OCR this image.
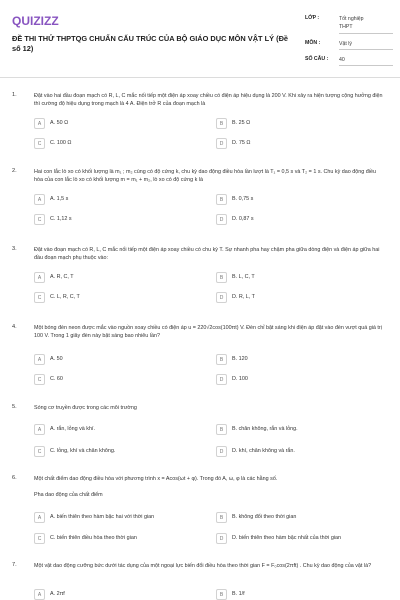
QUIZIZZ
ĐỀ THI THỬ THPTQG CHUẨN CẤU TRÚC CỦA BỘ GIÁO DỤC MÔN VẬT LÝ (Đề số 12)
LỚP :	Tốt nghiệp THPT
MÔN :	Vật lý
SỐ CÂU : 40
1.	Đặt vào hai đầu đoạn mạch có R, L, C mắc nối tiếp một điện áp xoay chiều có điện áp hiệu dụng là 200 V. Khi xảy ra hiện tượng cộng hưởng điện thì cường độ hiệu dụng trong mạch là 4 A. Điện trở R của đoạn mạch là
A	A. 50 Ω	B	B. 25 Ω
C	C. 100 Ω	D	D. 75 Ω
2.	Hai con lắc lò xo có khối lượng là m₁ ; m₂ cùng có độ cứng k, chu kỳ dao động điều hòa lần lượt là T₁ = 0,5 s và T₂ = 1 s. Chu kỳ dao động điều hòa của con lắc lò xo có khối lượng m = m₁ + m₂, lò xo có độ cứng k là
A	A. 1,5 s	B	B. 0,75 s
C	C. 1,12 s	D	D. 0,87 s
3.	Đặt vào đoạn mạch có R, L, C mắc nối tiếp một điện áp xoay chiều có chu kỳ T. Sự nhanh pha hay chậm pha giữa dòng điện và điện áp giữa hai đầu đoạn mạch phụ thuộc vào:
A	A. R, C, T	B	B. L, C, T
C	C. L, R, C, T	D	D. R, L, T
4.	Một bóng đèn neon được mắc vào nguồn xoay chiều có điện áp u = 220√2cos(100πt) V. Đèn chỉ bật sáng khi điện áp đặt vào đèn vượt quá giá trị 100 V. Trong 1 giây đèn này bật sáng bao nhiêu lần?
A	A. 50	B	B. 120
C	C. 60	D	D. 100
5.	Sóng cơ truyền được trong các môi trường
A	A. rắn, lỏng và khí.	B	B. chân không, rắn và lỏng.
C	C. lỏng, khí và chân không.	D	D. khí, chân không và rắn.
6.	Một chất điểm dao động điều hòa với phương trình x = Acos(ωt + φ). Trong đó A, ω, φ là các hằng số.
Pha dao động của chất điểm
A	A. biến thiên theo hàm bậc hai với thời gian	B	B. không đổi theo thời gian
C	C. biến thiên điều hòa theo thời gian	D	D. biến thiên theo hàm bậc nhất của thời gian
7.	Một vật dao động cưỡng bức dưới tác dụng của một ngoại lực biến đổi điều hòa theo thời gian F = F₀cos(2πft) . Chu kỳ dao động của vật là?
A	A. 2πf	B	B. 1/f
